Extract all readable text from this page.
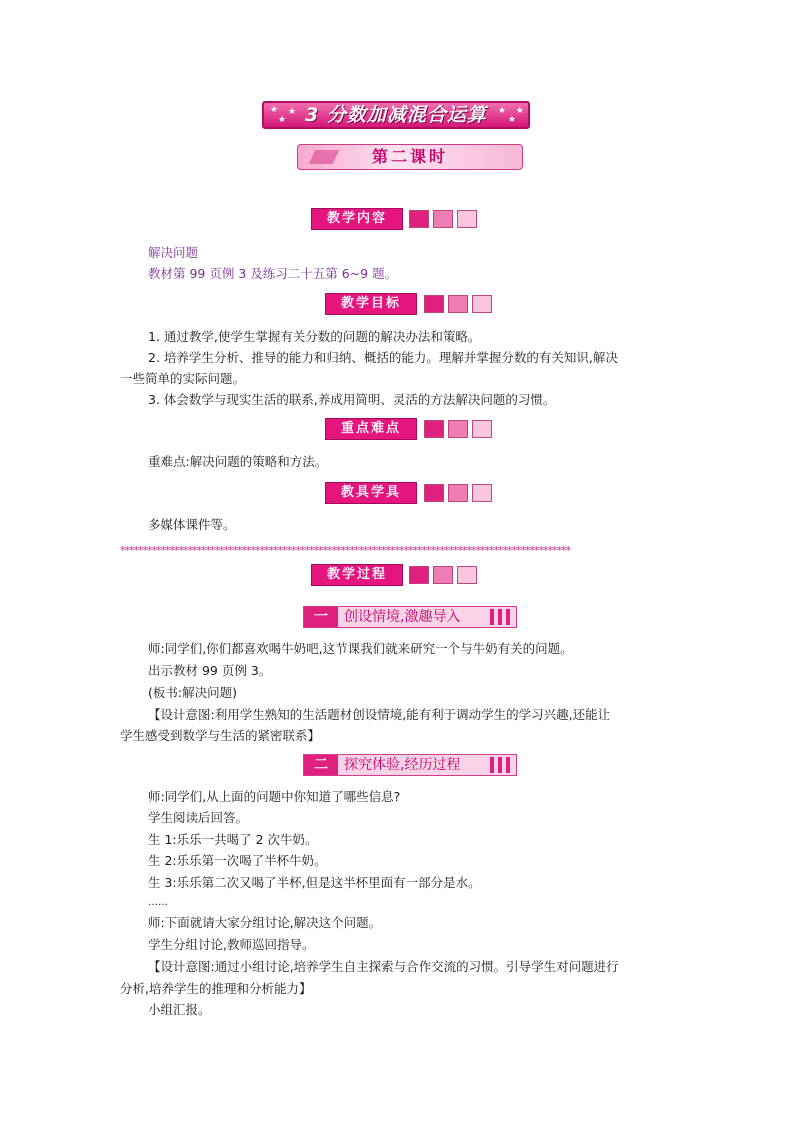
★
★
★ 3 分数加减混合运算	★
★
★
第二课时
教学内容
解决问题
教材第 99 页例 3 及练习二十五第 6~9 题。
教学目标
1. 通过教学,使学生掌握有关分数的问题的解决办法和策略。
2. 培养学生分析、推导的能力和归纳、概括的能力。理解并掌握分数的有关知识,解决
一些简单的实际问题。
3. 体会数学与现实生活的联系,养成用简明、灵活的方法解决问题的习惯。
重点难点
重难点:解决问题的策略和方法。
教具学具
多媒体课件等。
****************************************************************************************************
教学过程
一	创设情境,激趣导入
师:同学们,你们都喜欢喝牛奶吧,这节课我们就来研究一个与牛奶有关的问题。
出示教材 99 页例 3。
(板书:解决问题)
【设计意图:利用学生熟知的生活题材创设情境,能有利于调动学生的学习兴趣,还能让
学生感受到数学与生活的紧密联系】
二	探究体验,经历过程
师:同学们,从上面的问题中你知道了哪些信息?
学生阅读后回答。
生 1:乐乐一共喝了 2 次牛奶。
生 2:乐乐第一次喝了半杯牛奶。
生 3:乐乐第二次又喝了半杯,但是这半杯里面有一部分是水。
……
师:下面就请大家分组讨论,解决这个问题。
学生分组讨论,教师巡回指导。
【设计意图:通过小组讨论,培养学生自主探索与合作交流的习惯。引导学生对问题进行
分析,培养学生的推理和分析能力】
小组汇报。
